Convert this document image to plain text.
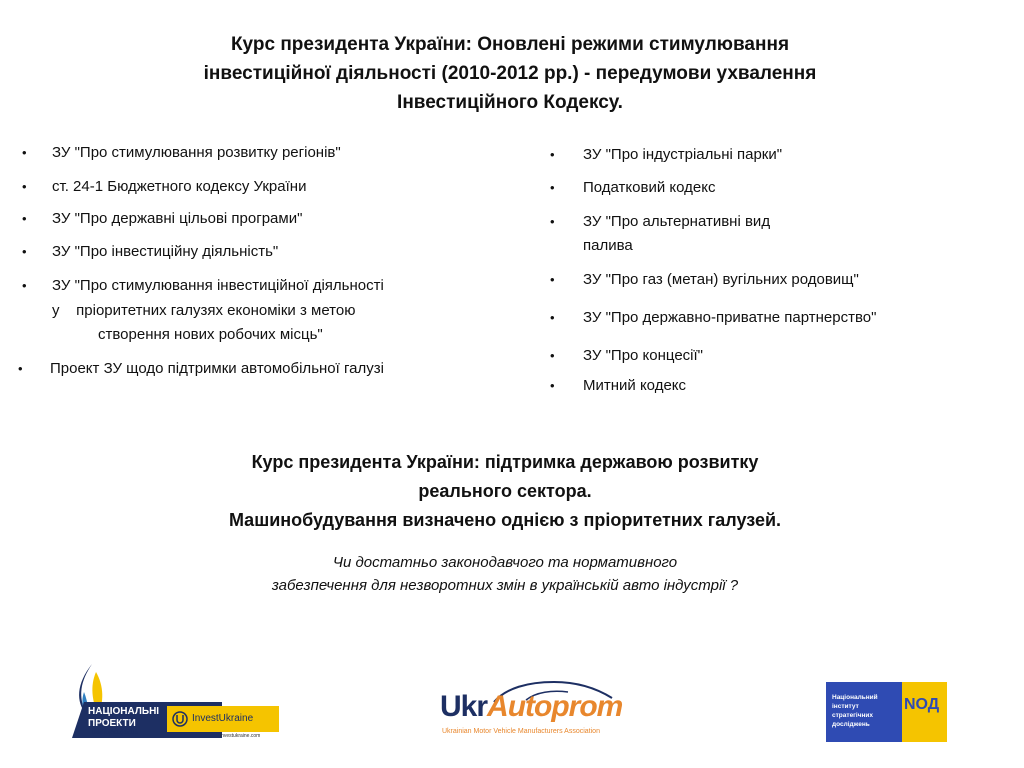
Курс президента України: Оновлені режими стимулювання
інвестиційної діяльності (2010-2012 рр.) - передумови ухвалення
Інвестиційного Кодексу.
• ЗУ "Про стимулювання розвитку регіонів"
• ст. 24-1 Бюджетного кодексу України
• ЗУ "Про державні цільові програми"
• ЗУ "Про інвестиційну діяльність"
• ЗУ "Про стимулювання інвестиційної діяльності
у    пріоритетних галузях економіки з метою
створення нових робочих місць"
• Проект ЗУ щодо підтримки автомобільної галузі
• ЗУ "Про індустріальні парки"
• Податковий кодекс
• ЗУ "Про альтернативні вид
палива
• ЗУ "Про газ (метан) вугільних родовищ"
• ЗУ "Про державно-приватне партнерство"
• ЗУ "Про концесії"
• Митний кодекс
Курс президента України: підтримка державою розвитку
реального сектора.
Машинобудування визначено однією з пріоритетних галузей.

Чи достатньо законодавчого та нормативного
забезпечення для незворотних змін в українській авто індустрії ?

НАЦІОНАЛЬНІ
ПРОЕКТИ
ukrproject.gov.ua
InvestUkraine
investukraine.com
UkrAutoprom
Ukrainian Motor Vehicle Manufacturers Association
Національний
інститут
стратегічних
досліджень
NОД
